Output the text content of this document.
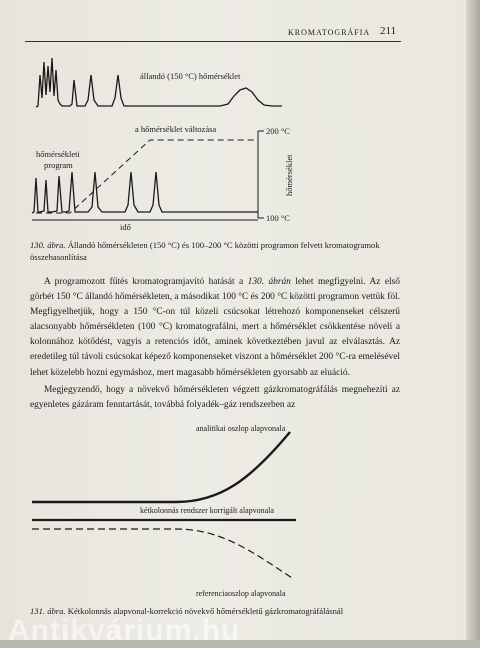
KROMATOGRÁFIA 211
állandó (150 °C) hőmérséklet
a hőmérséklet változása
hőmérsékleti
program
200 °C
100 °C
hőmérséklet
idő
130. ábra. Állandó hőmérsékleten (150 °C) és 100–200 °C közötti programon felvett kromatogramok összehasonlítása

A programozott fűtés kromatogramjavító hatását a 130. ábrán lehet megfigyelni. Az első görbét 150 °C állandó hőmérsékleten, a másodikat 100 °C és 200 °C közötti programon vettük föl. Megfigyelhetjük, hogy a 150 °C-on túl közeli csúcsokat létrehozó komponenseket célszerű alacsonyabb hőmérsékleten (100 °C) kromatografálni, mert a hőmérséklet csökkentése növeli a kolonnához kötődést, vagyis a retenciós időt, aminek következtében javul az elválasztás. Az eredetileg túl távoli csúcsokat képező komponenseket viszont a hőmérséklet 200 °C-ra emelésével lehet közelebb hozni egymáshoz, mert magasabb hőmérsékleten gyorsabb az eluáció.

Megjegyzendő, hogy a növekvő hőmérsékleten végzett gázkromatográfálás megnehezíti az egyenletes gázáram fenntartását, továbbá folyadék–gáz rendszerben az

analitikai oszlop alapvonala
kétkolonnás rendszer korrigált alapvonala
referenciaoszlop alapvonala
131. ábra. Kétkolonnás alapvonal-korrekció növekvő hőmérsékletű gázkromatográfálásnál
Antikvárium.hu
